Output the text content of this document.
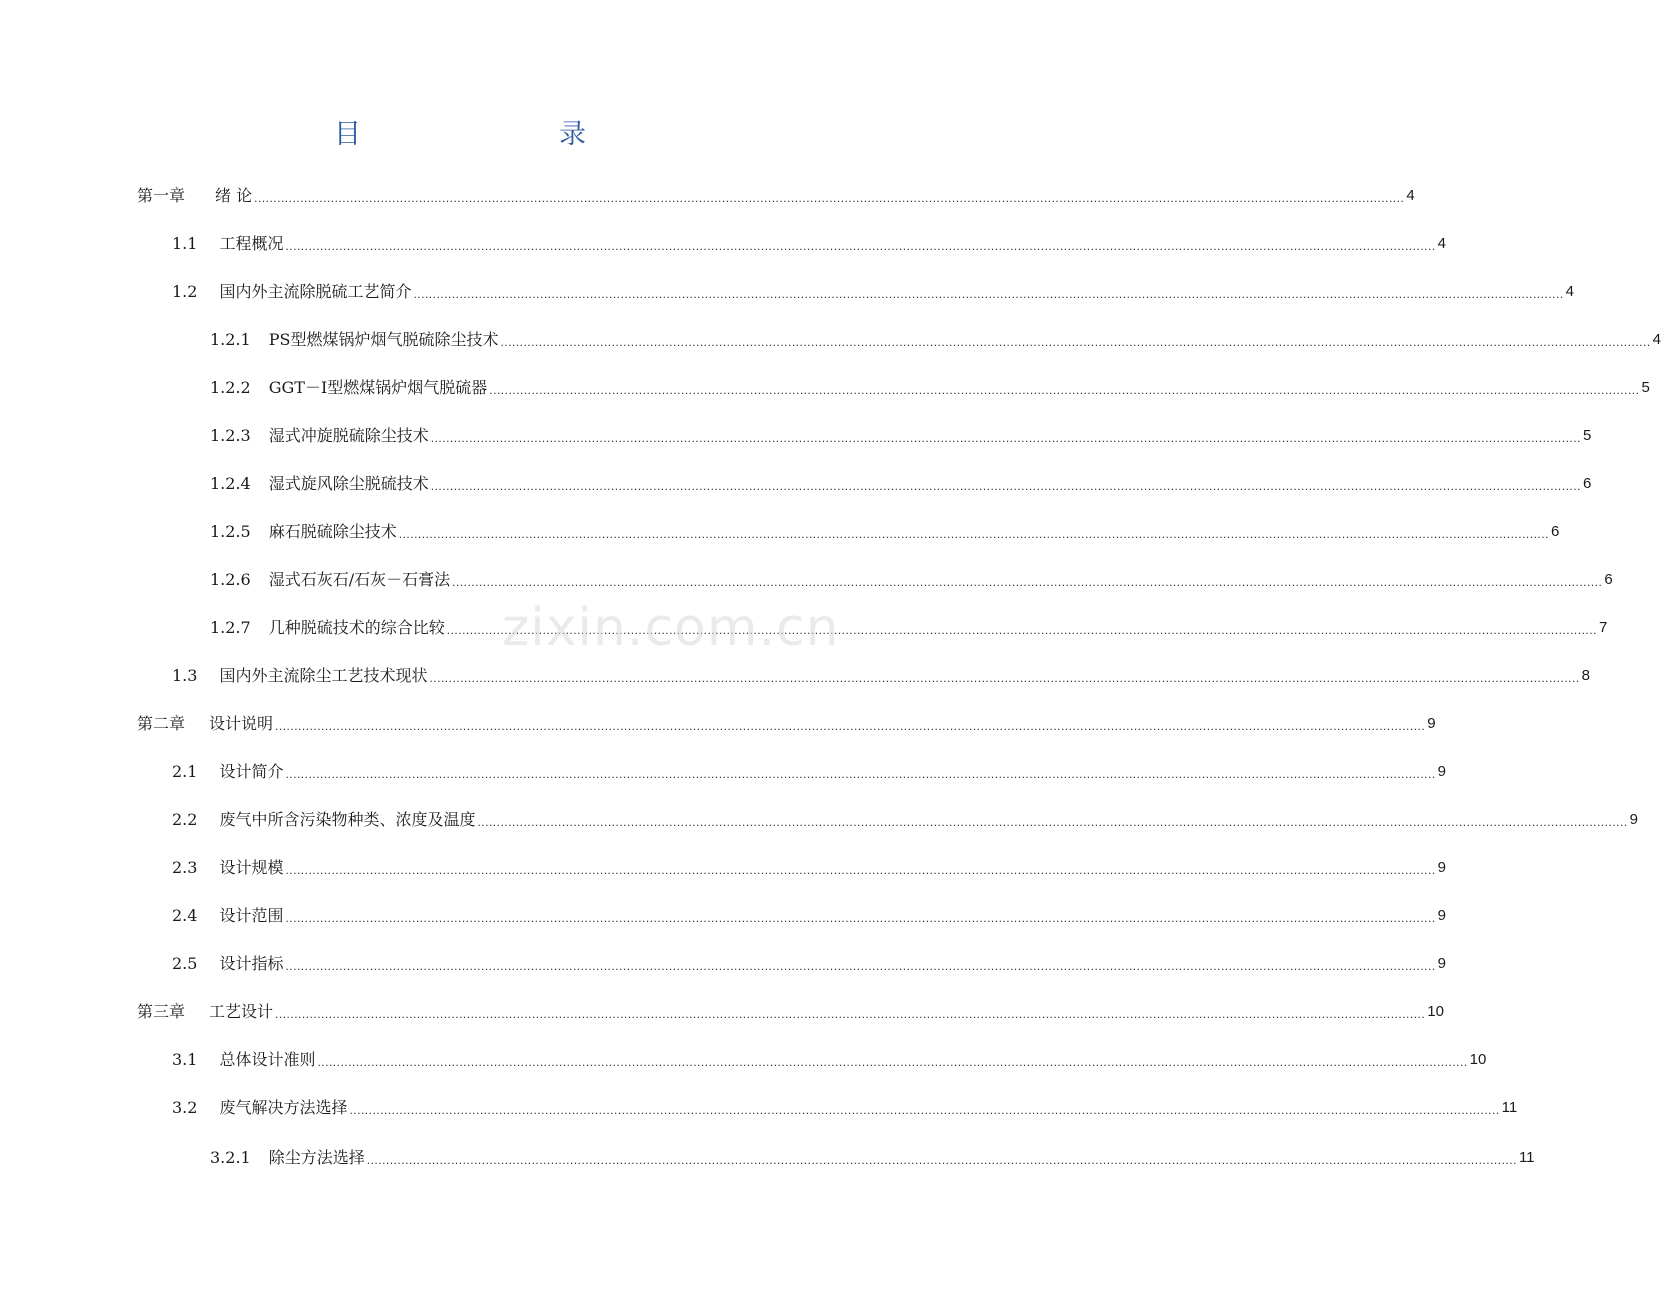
目　　录
第一章 绪 论 ............................................................................................................................................................................................................................................................................................................ 4
1.1 工程概况 ............................................................................................................................................................................................................................................................................................................ 4
1.2 国内外主流除脱硫工艺简介 ............................................................................................................................................................................................................................................................................................................ 4
1.2.1 PS型燃煤锅炉烟气脱硫除尘技术 ............................................................................................................................................................................................................................................................................................................ 4
1.2.2 GGT－I型燃煤锅炉烟气脱硫器 ............................................................................................................................................................................................................................................................................................................ 5
1.2.3 湿式冲旋脱硫除尘技术 ............................................................................................................................................................................................................................................................................................................ 5
1.2.4 湿式旋风除尘脱硫技术 ............................................................................................................................................................................................................................................................................................................ 6
1.2.5 麻石脱硫除尘技术 ............................................................................................................................................................................................................................................................................................................ 6
1.2.6 湿式石灰石/石灰－石膏法 ............................................................................................................................................................................................................................................................................................................ 6
1.2.7 几种脱硫技术的综合比较 ............................................................................................................................................................................................................................................................................................................ 7
1.3 国内外主流除尘工艺技术现状 ............................................................................................................................................................................................................................................................................................................ 8
第二章 设计说明 ............................................................................................................................................................................................................................................................................................................ 9
2.1 设计简介 ............................................................................................................................................................................................................................................................................................................ 9
2.2 废气中所含污染物种类、浓度及温度 ............................................................................................................................................................................................................................................................................................................ 9
2.3 设计规模 ............................................................................................................................................................................................................................................................................................................ 9
2.4 设计范围 ............................................................................................................................................................................................................................................................................................................ 9
2.5 设计指标 ............................................................................................................................................................................................................................................................................................................ 9
第三章 工艺设计 ............................................................................................................................................................................................................................................................................................................ 10
3.1 总体设计准则 ............................................................................................................................................................................................................................................................................................................ 10
3.2 废气解决方法选择 ............................................................................................................................................................................................................................................................................................................ 11
3.2.1 除尘方法选择 ............................................................................................................................................................................................................................................................................................................ 11
zixin.com.cn
